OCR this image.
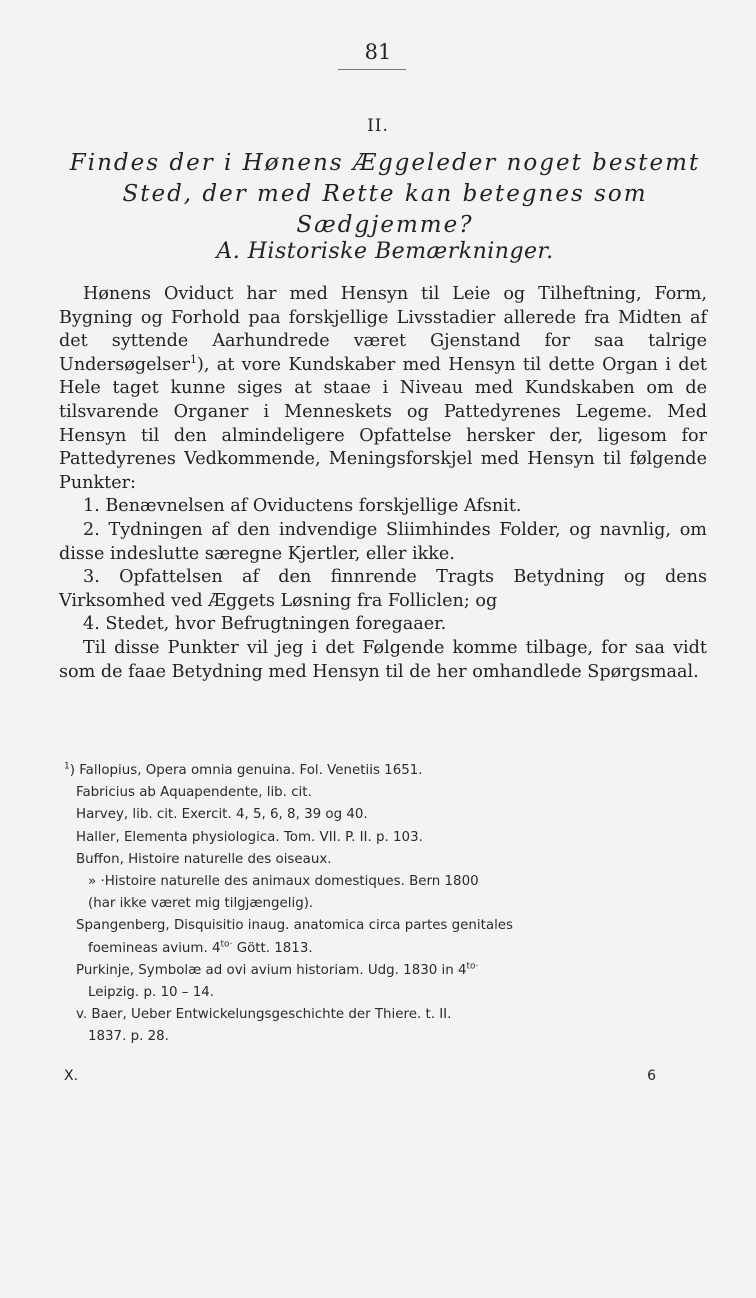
81
II.
Findes der i Hønens Æggeleder noget bestemt
Sted, der med Rette kan betegnes som
Sædgjemme?
A. Historiske Bemærkninger.

Hønens Oviduct har med Hensyn til Leie og Tilheftning, Form, Bygning og Forhold paa forskjellige Livsstadier allerede fra Midten af det syttende Aarhundrede været Gjenstand for saa talrige Undersøgelser$^1$), at vore Kundskaber med Hensyn til dette Organ i det Hele taget kunne siges at staae i Niveau med Kundskaben om de tilsvarende Organer i Menneskets og Pattedyrenes Legeme. Med Hensyn til den almindeligere Opfattelse hersker der, ligesom for Pattedyrenes Vedkommende, Meningsforskjel med Hensyn til følgende Punkter:

1. Benævnelsen af Oviductens forskjellige Afsnit.

2. Tydningen af den indvendige Sliimhindes Folder, og navnlig, om disse indeslutte særegne Kjertler, eller ikke.

3. Opfattelsen af den finnrende Tragts Betydning og dens Virksomhed ved Æggets Løsning fra Folliclen; og

4. Stedet, hvor Befrugtningen foregaaer.

Til disse Punkter vil jeg i det Følgende komme tilbage, for saa vidt som de faae Betydning med Hensyn til de her omhandlede Spørgsmaal.

$^1$) Fallopius, Opera omnia genuina. Fol. Venetiis 1651.
Fabricius ab Aquapendente, lib. cit.
Harvey, lib. cit. Exercit. 4, 5, 6, 8, 39 og 40.
Haller, Elementa physiologica. Tom. VII. P. II. p. 103.
Buffon, Histoire naturelle des oiseaux.
» ·Histoire naturelle des animaux domestiques. Bern 1800
(har ikke været mig tilgjængelig).
Spangenberg, Disquisitio inaug. anatomica circa partes genitales
foemineas avium. $4^{to\cdot}$ Gött. 1813.
Purkinje, Symbolæ ad ovi avium historiam. Udg. 1830 in $4^{to\cdot}$
Leipzig. p. 10 – 14.
v. Baer, Ueber Entwickelungsgeschichte der Thiere. t. II.
1837. p. 28.
X.	6
